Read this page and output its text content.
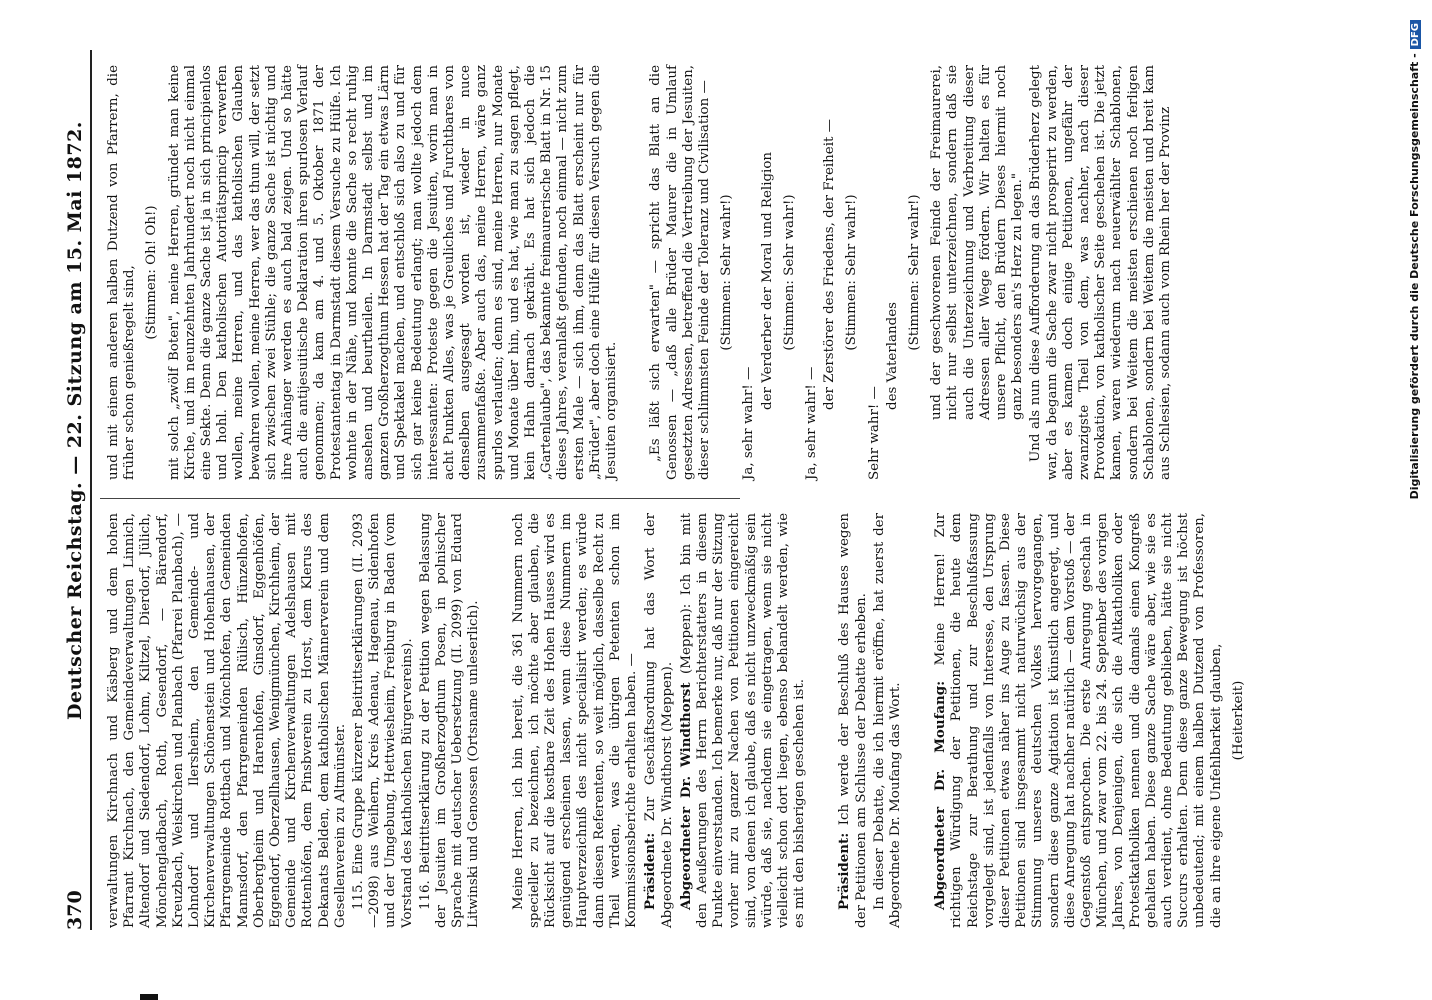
370
Deutscher Reichstag. — 22. Sitzung am 15. Mai 1872.

verwaltungen Kirchnach und Käsberg und dem hohen Pfarrant Kirchnach, den Gemeindeverwaltungen Linnich, Altendorf und Siedendorf, Lohm, Kiltzel, Dierdorf, Jülich, Mönchengladbach, Roth, Gesendorf, — Bärendorf, Kreuzbach, Weiskirchen und Planbach (Pfarrei Planbach), — Lohndorf und Ilersheim, den Gemeinde- und Kirchenverwaltungen Schönenstein und Hohenhausen, der Pfarrgemeinde Rottbach und Mönchhofen, den Gemeinden Mannsdorf, den Pfarrgemeinden Rülisch, Hünzelhofen, Oberbergheim und Harenhofen, Ginsdorf, Eggenhöfen, Eggendorf, Oberzellhausen, Wenigmünchen, Kirchheim, der Gemeinde und Kirchenverwaltungen Adelshausen mit Rottenhöfen, dem Pinsbverein zu Horst, dem Klerus des Dekanats Belden, dem katholischen Männerverein und dem Gesellenverein zu Altmünster. 115. Eine Gruppe kürzerer Beitrittserklärungen (II. 2093—2098) aus Weihern, Kreis Adenau, Hagenau, Sidenhofen und der Umgebung, Hettwiesheim, Freiburg in Baden (vom Vorstand des katholischen Bürgervereins). 116. Beitrittserklärung zu der Petition wegen Belassung der Jesuiten im Großherzogthum Posen, in polnischer Sprache mit deutscher Uebersetzung (II. 2099) von Eduard Litwinski und Genossen (Ortsname unleserlich). Meine Herren, ich bin bereit, die 361 Nummern noch specieller zu bezeichnen, ich möchte aber glauben, die Rücksicht auf die kostbare Zeit des Hohen Hauses wird es genügend erscheinen lassen, wenn diese Nummern im Hauptverzeichniß des nicht specialisirt werden; es würde dann diesen Referenten, so weit möglich, dasselbe Recht zu Theil werden, was die übrigen Petenten schon im Kommissionsberichte erhalten haben. — Präsident: Zur Geschäftsordnung hat das Wort der Abgeordnete Dr. Windthorst (Meppen). Abgeordneter Dr. Windthorst (Meppen): Ich bin mit den Aeußerungen des Herrn Berichterstatters in diesem Punkte einverstanden. Ich bemerke nur, daß nur der Sitzung vorher mir zu ganzer Nachen von Petitionen eingereicht sind, von denen ich glaube, daß es nicht unzweckmäßig sein würde, daß sie, nachdem sie eingetragen, wenn sie nicht vielleicht schon dort liegen, ebenso behandelt werden, wie es mit den bisherigen geschehen ist. Präsident: Ich werde der Beschluß des Hauses wegen der Petitionen am Schlusse der Debatte erheben. In dieser Debatte, die ich hiermit eröffne, hat zuerst der Abgeordnete Dr. Moufang das Wort. Abgeordneter Dr. Moufang: Meine Herren! Zur richtigen Würdigung der Petitionen, die heute dem Reichstage zur Berathung und zur Beschlußfassung vorgelegt sind, ist jedenfalls von Interesse, den Ursprung dieser Petitionen etwas näher ins Auge zu fassen. Diese Petitionen sind insgesammt nicht naturwüchsig aus der Stimmung unseres deutschen Volkes hervorgegangen, sondern diese ganze Agitation ist künstlich angeregt, und diese Anregung hat nachher natürlich — dem Vorstoß — der Gegenstoß entsprochen. Die erste Anregung geschah in München, und zwar vom 22. bis 24. September des vorigen Jahres, von Denjenigen, die sich die Altkatholiken oder Protestkatholiken nennen und die damals einen Kongreß gehalten haben. Diese ganze Sache wäre aber, wie sie es auch verdient, ohne Bedeutung geblieben, hätte sie nicht Succurs erhalten. Denn diese ganze Bewegung ist höchst unbedeutend; mit einem halben Dutzend von Professoren, die an ihre eigene Unfehlbarkeit glauben, (Heiterkeit)

und mit einem anderen halben Dutzend von Pfarrern, die früher schon genießregelt sind, (Stimmen: Oh! Oh!) mit solch „zwölf Boten", meine Herren, gründet man keine Kirche, und im neunzehnten Jahrhundert noch nicht einmal eine Sekte. Denn die ganze Sache ist ja in sich principienlos und hohl. Den katholischen Autoritätsprincip verwerfen wollen, meine Herren, und das katholischen Glauben bewahren wollen, meine Herren, wer das thun will, der setzt sich zwischen zwei Stühle; die ganze Sache ist nichtig und ihre Anhänger werden es auch bald zeigen. Und so hätte auch die antijesuitische Deklaration ihren spurlosen Verlauf genommen; da kam am 4. und 5. Oktober 1871 der Protestantentag in Darmstadt diesem Versuche zu Hülfe. Ich wohnte in der Nähe, und konnte die Sache so recht ruhig ansehen und beurtheilen. In Darmstadt selbst und im ganzen Großherzogthum Hessen hat der Tag ein etwas Lärm und Spektakel machen, und entschloß sich also zu und für sich gar keine Bedeutung erlangt; man wollte jedoch dem interessanten: Proteste gegen die Jesuiten, worin man in acht Punkten Alles, was je Greuliches und Furchtbares von denselben ausgesagt worden ist, wieder in nuce zusammenfaßte. Aber auch das, meine Herren, wäre ganz spurlos verlaufen; denn es sind, meine Herren, nur Monate und Monate über hin, und es hat, wie man zu sagen pflegt, kein Hahn darnach gekräht. Es hat sich jedoch die „Gartenlaube", das bekannte freimaurerische Blatt in Nr. 15 dieses Jahres, veranlaßt gefunden, noch einmal — nicht zum ersten Male — sich ihm, denn das Blatt erscheint nur für „Brüder", aber doch eine Hülfe für diesen Versuch gegen die Jesuiten organisiert. „Es läßt sich erwarten" — spricht das Blatt an die Genossen — „daß alle Brüder Maurer die in Umlauf gesetzten Adressen, betreffend die Vertreibung der Jesuiten, dieser schlimmsten Feinde der Toleranz und Civilisation — (Stimmen: Sehr wahr!)

Ja, sehr wahr! —

der Verderber der Moral und Religion (Stimmen: Sehr wahr!)

Ja, sehr wahr! —

der Zerstörer des Friedens, der Freiheit — (Stimmen: Sehr wahr!)

Sehr wahr! —

des Vaterlandes

(Stimmen: Sehr wahr!) und der geschworenen Feinde der Freimaurerei, nicht nur selbst unterzeichnen, sondern daß sie auch die Unterzeichnung und Verbreitung dieser Adressen aller Wege fördern. Wir halten es für unsere Pflicht, den Brüdern Dieses hiermit noch ganz besonders an's Herz zu legen." Und als nun diese Aufforderung an das Brüderherz gelegt war, da begann die Sache zwar nicht prosperirt zu werden, aber es kamen doch einige Petitionen, ungefähr der zwanzigste Theil von dem, was nachher, nach dieser Provokation, von katholischer Seite geschehen ist. Die jetzt kamen, waren wiederum nach neuerwählter Schablonen, sondern bei Weitem die meisten erschienen noch ferligen Schablonen, sondern bei Weitem die meisten und breit kam aus Schlesien, sodann auch vom Rhein her der Provinz	Digitalisierung gefördert durch die Deutsche Forschungsgemeinschaft -DFG
